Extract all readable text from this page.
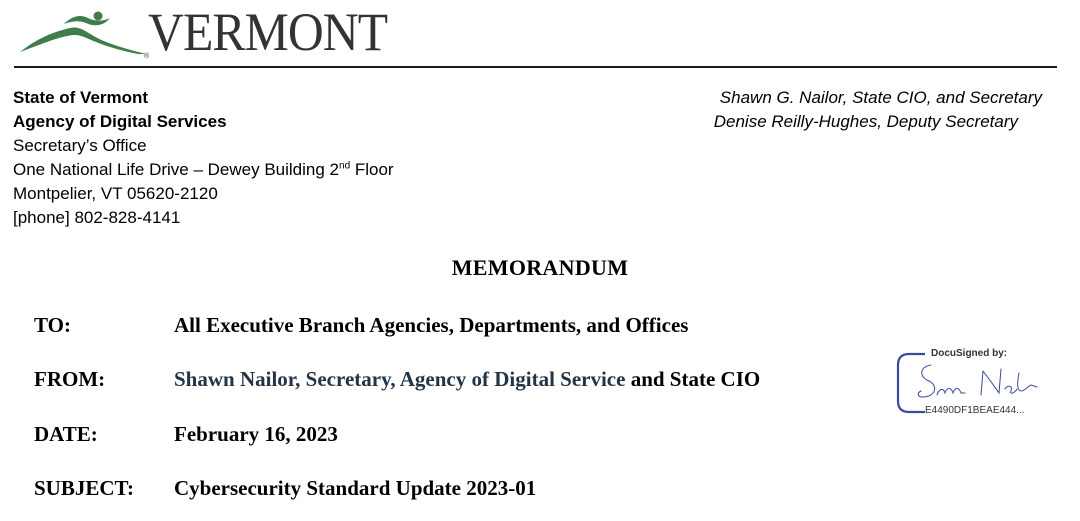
®
VERMONT
State of Vermont
Agency of Digital Services
Secretary’s Office
One National Life Drive – Dewey Building 2nd Floor
Montpelier, VT 05620-2120
[phone] 802-828-4141
Shawn G. Nailor, State CIO, and Secretary
Denise Reilly-Hughes, Deputy Secretary
MEMORANDUM
TO:	All Executive Branch Agencies, Departments, and Offices
FROM:	Shawn Nailor, Secretary, Agency of Digital Service and State CIO
DATE:	February 16, 2023
SUBJECT: Cybersecurity Standard Update 2023-01
DocuSigned by:
E4490DF1BEAE444...
